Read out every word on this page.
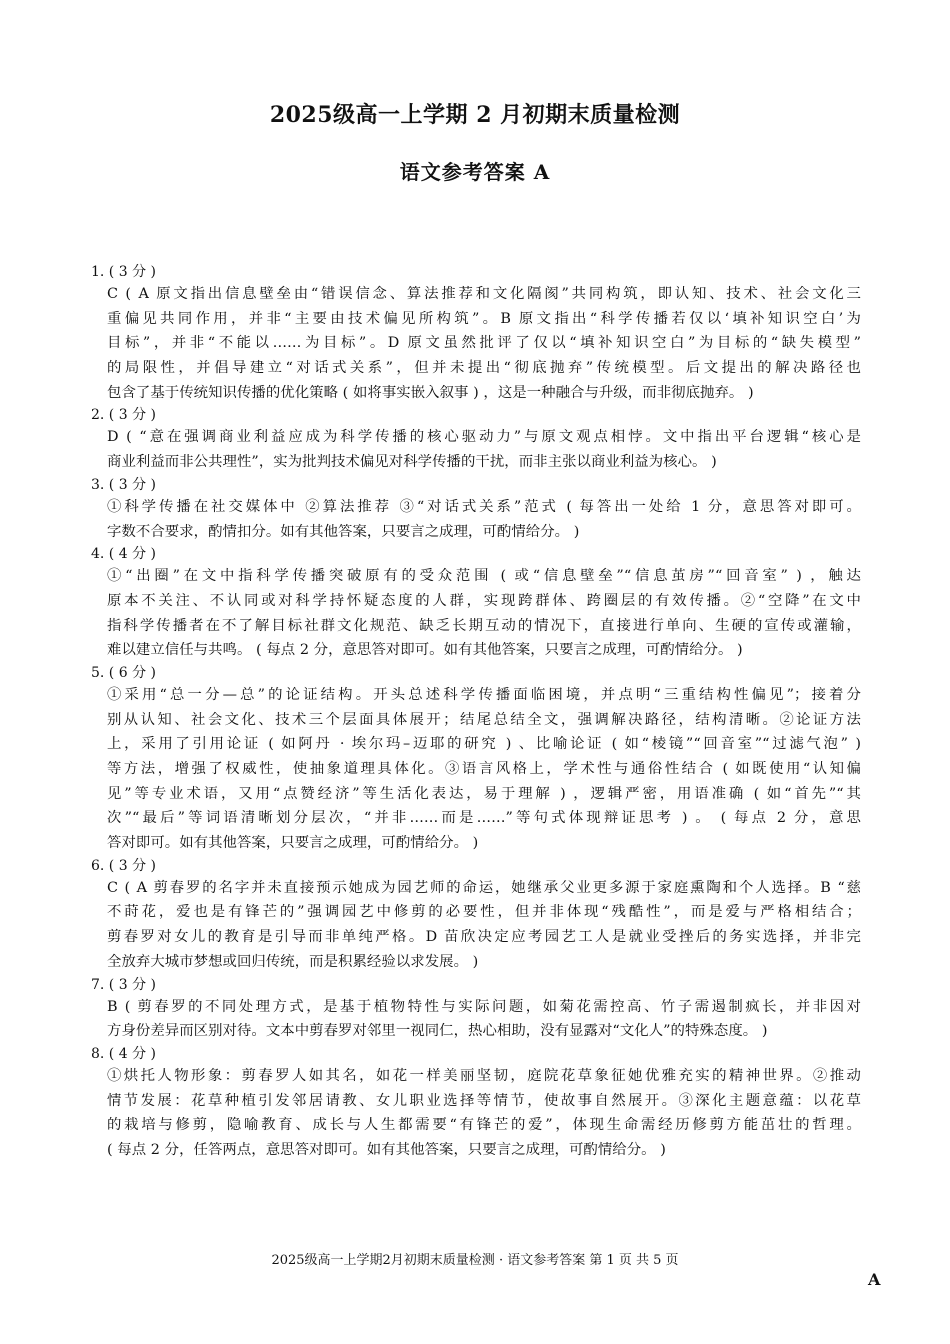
2025级高一上学期 2 月初期末质量检测
语文参考答案 A
1. ( 3 分 )
C ( A 原文指出信息壁垒由“错误信念、算法推荐和文化隔阂”共同构筑，即认知、技术、社会文化三
重偏见共同作用，并非“主要由技术偏见所构筑”。B 原文指出“科学传播若仅以‘填补知识空白’为
目标”，并非“不能以……为目标”。D 原文虽然批评了仅以“填补知识空白”为目标的“缺失模型”
的局限性，并倡导建立“对话式关系”，但并未提出“彻底抛弃”传统模型。后文提出的解决路径也
包含了基于传统知识传播的优化策略 ( 如将事实嵌入叙事 ) ，这是一种融合与升级，而非彻底抛弃。 )
2. ( 3 分 )
D ( “意在强调商业利益应成为科学传播的核心驱动力”与原文观点相悖。文中指出平台逻辑“核心是
商业利益而非公共理性”，实为批判技术偏见对科学传播的干扰，而非主张以商业利益为核心。 )
3. ( 3 分 )
①科学传播在社交媒体中 ②算法推荐 ③“对话式关系”范式 ( 每答出一处给 1 分，意思答对即可。
字数不合要求，酌情扣分。如有其他答案，只要言之成理，可酌情给分。 )
4. ( 4 分 )
①“出圈”在文中指科学传播突破原有的受众范围 ( 或“信息壁垒”“信息茧房”“回音室” ) ，触达
原本不关注、不认同或对科学持怀疑态度的人群，实现跨群体、跨圈层的有效传播。②“空降”在文中
指科学传播者在不了解目标社群文化规范、缺乏长期互动的情况下，直接进行单向、生硬的宣传或灌输，
难以建立信任与共鸣。 ( 每点 2 分，意思答对即可。如有其他答案，只要言之成理，可酌情给分。 )
5. ( 6 分 )
①采用“总一分—总”的论证结构。开头总述科学传播面临困境，并点明“三重结构性偏见”；接着分
别从认知、社会文化、技术三个层面具体展开；结尾总结全文，强调解决路径，结构清晰。②论证方法
上，采用了引用论证 ( 如阿丹 · 埃尔玛–迈耶的研究 ) 、比喻论证 ( 如“棱镜”“回音室”“过滤气泡” )
等方法，增强了权威性，使抽象道理具体化。③语言风格上，学术性与通俗性结合 ( 如既使用“认知偏
见”等专业术语，又用“点赞经济”等生活化表达，易于理解 ) ，逻辑严密，用语准确 ( 如“首先”“其
次”“最后”等词语清晰划分层次，“并非……而是……”等句式体现辩证思考 ) 。 ( 每点 2 分，意思
答对即可。如有其他答案，只要言之成理，可酌情给分。 )
6. ( 3 分 )
C ( A 剪春罗的名字并未直接预示她成为园艺师的命运，她继承父业更多源于家庭熏陶和个人选择。B “慈
不莳花，爱也是有锋芒的”强调园艺中修剪的必要性，但并非体现“残酷性”，而是爱与严格相结合；
剪春罗对女儿的教育是引导而非单纯严格。D 苗欣决定应考园艺工人是就业受挫后的务实选择，并非完
全放弃大城市梦想或回归传统，而是积累经验以求发展。 )
7. ( 3 分 )
B ( 剪春罗的不同处理方式，是基于植物特性与实际问题，如菊花需控高、竹子需遏制疯长，并非因对
方身份差异而区别对待。文本中剪春罗对邻里一视同仁，热心相助，没有显露对“文化人”的特殊态度。 )
8. ( 4 分 )
①烘托人物形象：剪春罗人如其名，如花一样美丽坚韧，庭院花草象征她优雅充实的精神世界。②推动
情节发展：花草种植引发邻居请教、女儿职业选择等情节，使故事自然展开。③深化主题意蕴：以花草
的栽培与修剪，隐喻教育、成长与人生都需要“有锋芒的爱”，体现生命需经历修剪方能茁壮的哲理。
( 每点 2 分，任答两点，意思答对即可。如有其他答案，只要言之成理，可酌情给分。 )
2025级高一上学期2月初期末质量检测 · 语文参考答案 第 1 页 共 5 页
A
